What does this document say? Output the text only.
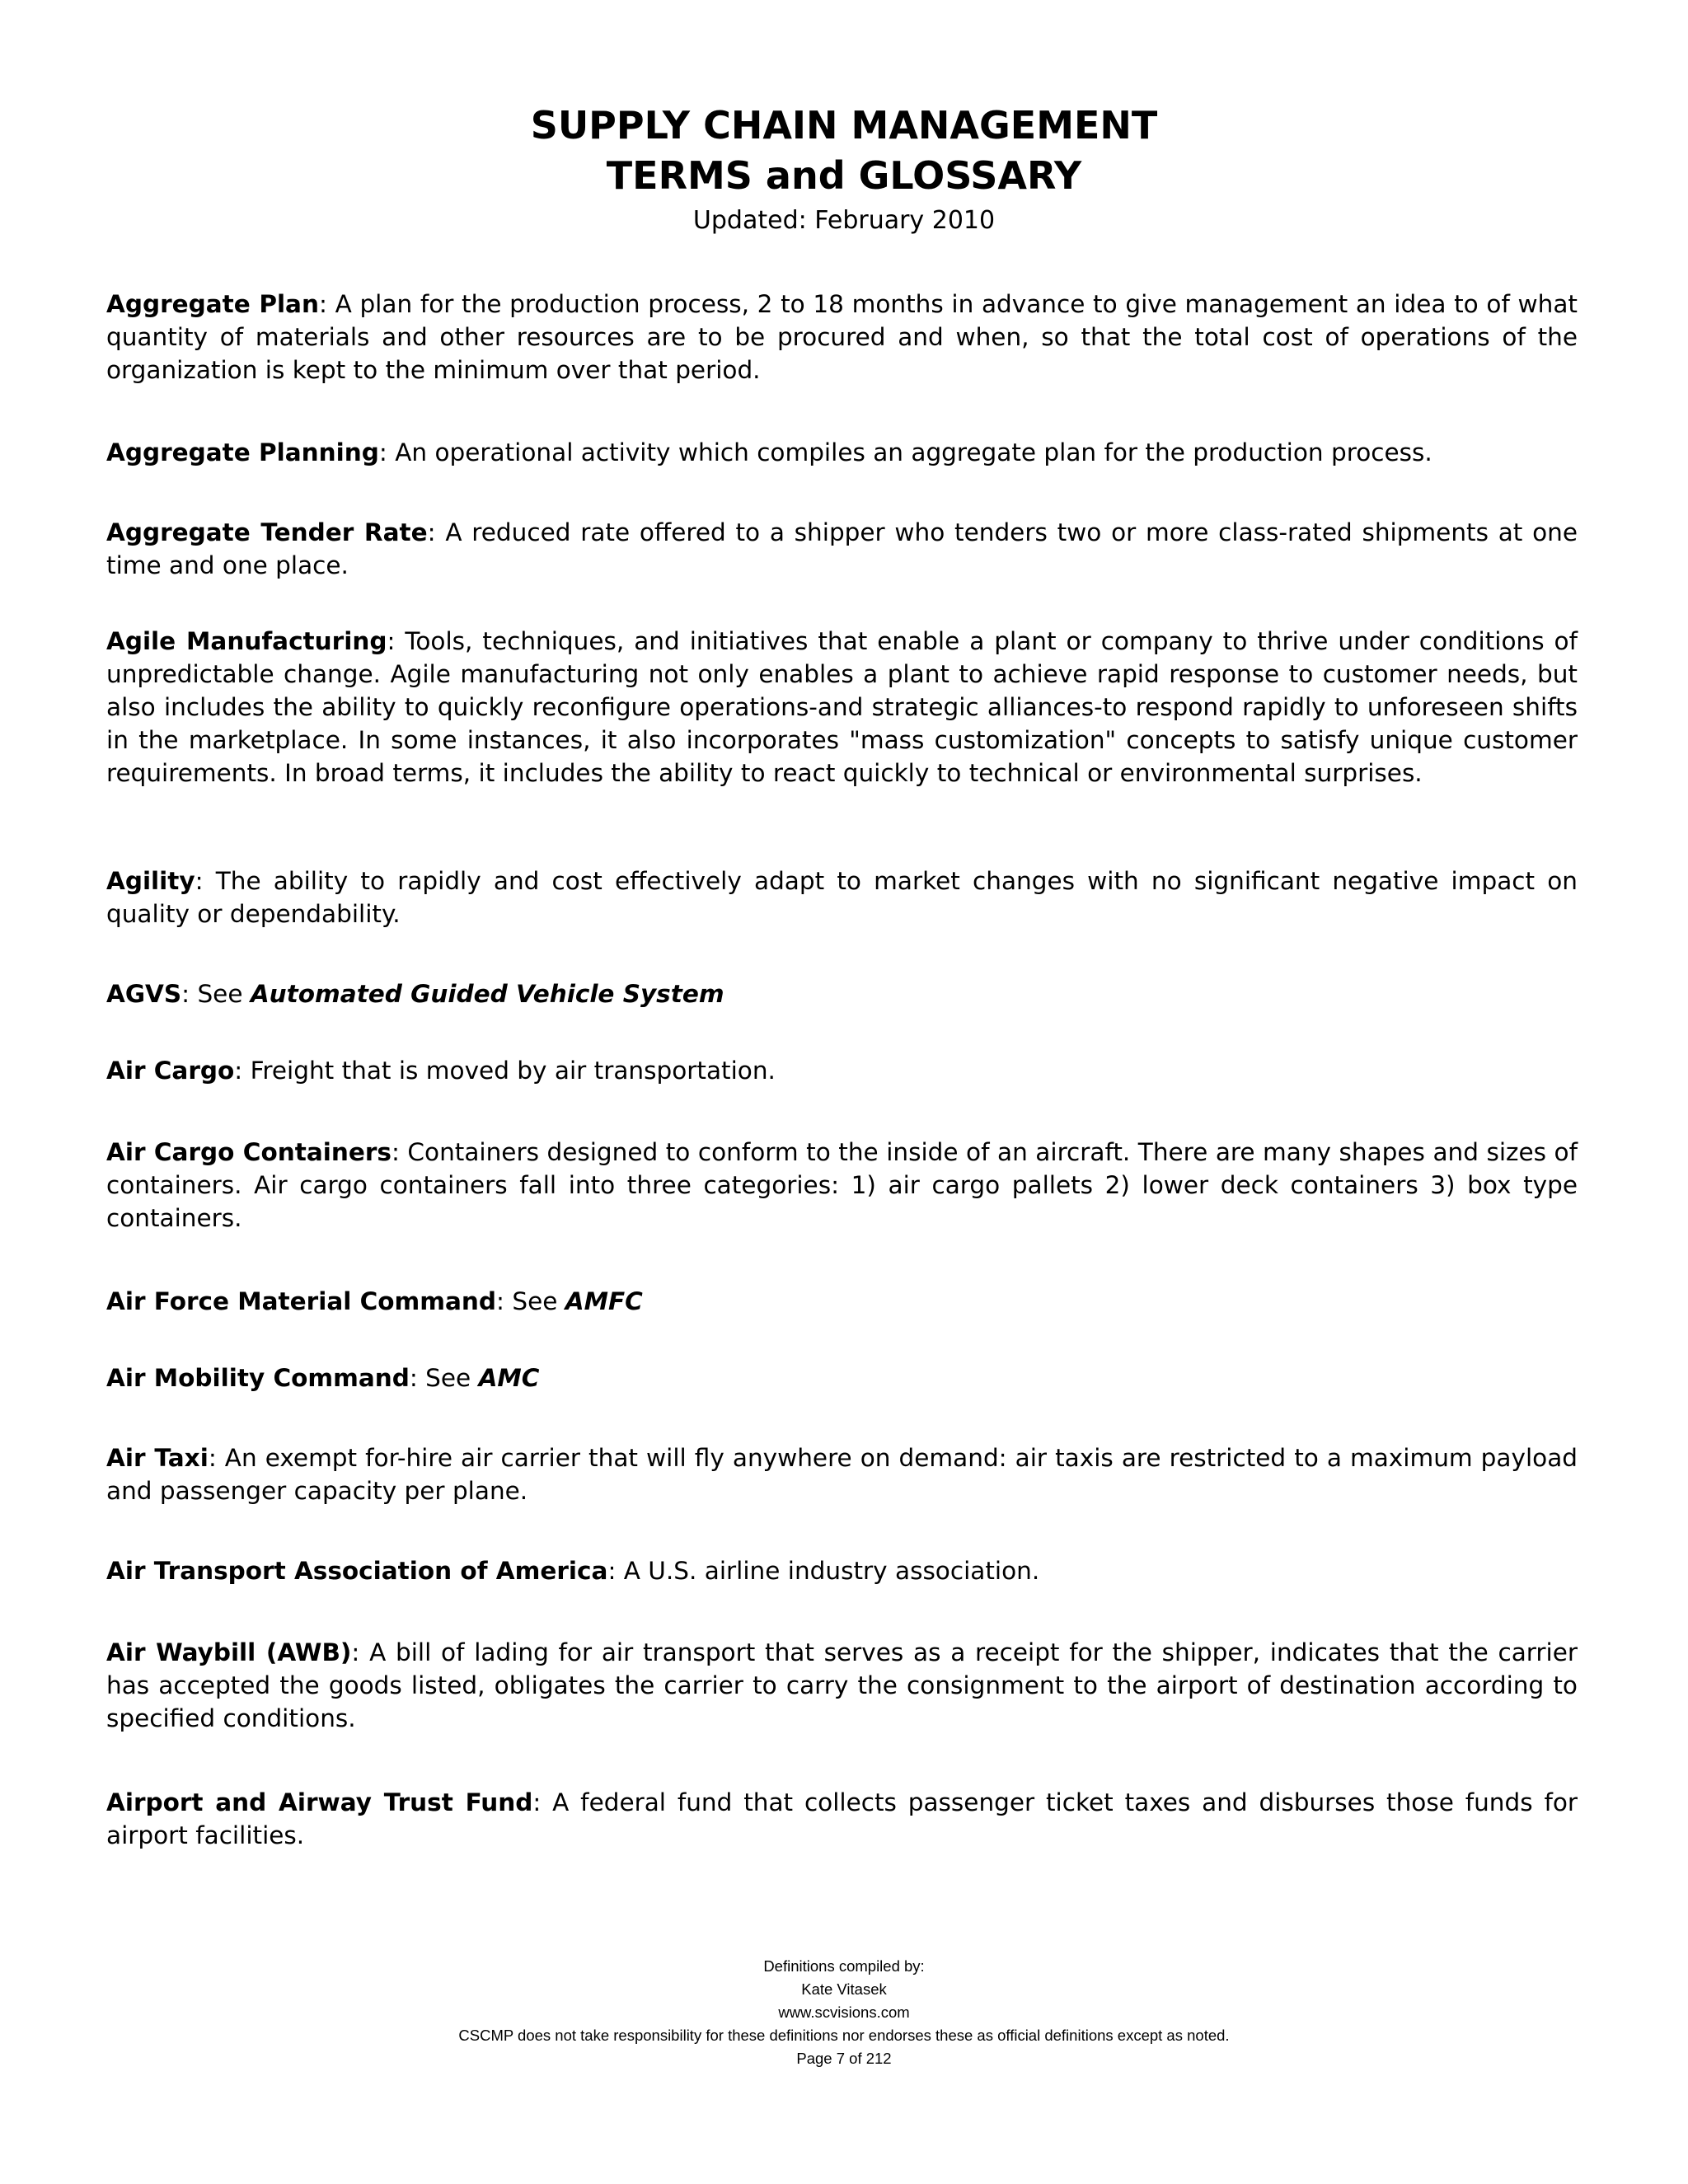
SUPPLY CHAIN MANAGEMENT
TERMS and GLOSSARY
Updated: February 2010

Aggregate Plan: A plan for the production process, 2 to 18 months in advance to give management an idea to of what quantity of materials and other resources are to be procured and when, so that the total cost of operations of the organization is kept to the minimum over that period.

Aggregate Planning: An operational activity which compiles an aggregate plan for the production process.

Aggregate Tender Rate: A reduced rate offered to a shipper who tenders two or more class-rated shipments at one time and one place.

Agile Manufacturing: Tools, techniques, and initiatives that enable a plant or company to thrive under conditions of unpredictable change. Agile manufacturing not only enables a plant to achieve rapid response to customer needs, but also includes the ability to quickly reconfigure operations-and strategic alliances-to respond rapidly to unforeseen shifts in the marketplace. In some instances, it also incorporates "mass customization" concepts to satisfy unique customer requirements. In broad terms, it includes the ability to react quickly to technical or environmental surprises.

Agility: The ability to rapidly and cost effectively adapt to market changes with no significant negative impact on quality or dependability.

AGVS: See Automated Guided Vehicle System

Air Cargo: Freight that is moved by air transportation.

Air Cargo Containers: Containers designed to conform to the inside of an aircraft. There are many shapes and sizes of containers. Air cargo containers fall into three categories: 1) air cargo pallets 2) lower deck containers 3) box type containers.

Air Force Material Command: See AMFC

Air Mobility Command: See AMC

Air Taxi: An exempt for-hire air carrier that will fly anywhere on demand: air taxis are restricted to a maximum payload and passenger capacity per plane.

Air Transport Association of America: A U.S. airline industry association.

Air Waybill (AWB): A bill of lading for air transport that serves as a receipt for the shipper, indicates that the carrier has accepted the goods listed, obligates the carrier to carry the consignment to the airport of destination according to specified conditions.

Airport and Airway Trust Fund: A federal fund that collects passenger ticket taxes and disburses those funds for airport facilities.

Definitions compiled by:
Kate Vitasek
www.scvisions.com
CSCMP does not take responsibility for these definitions nor endorses these as official definitions except as noted.
Page 7 of 212
